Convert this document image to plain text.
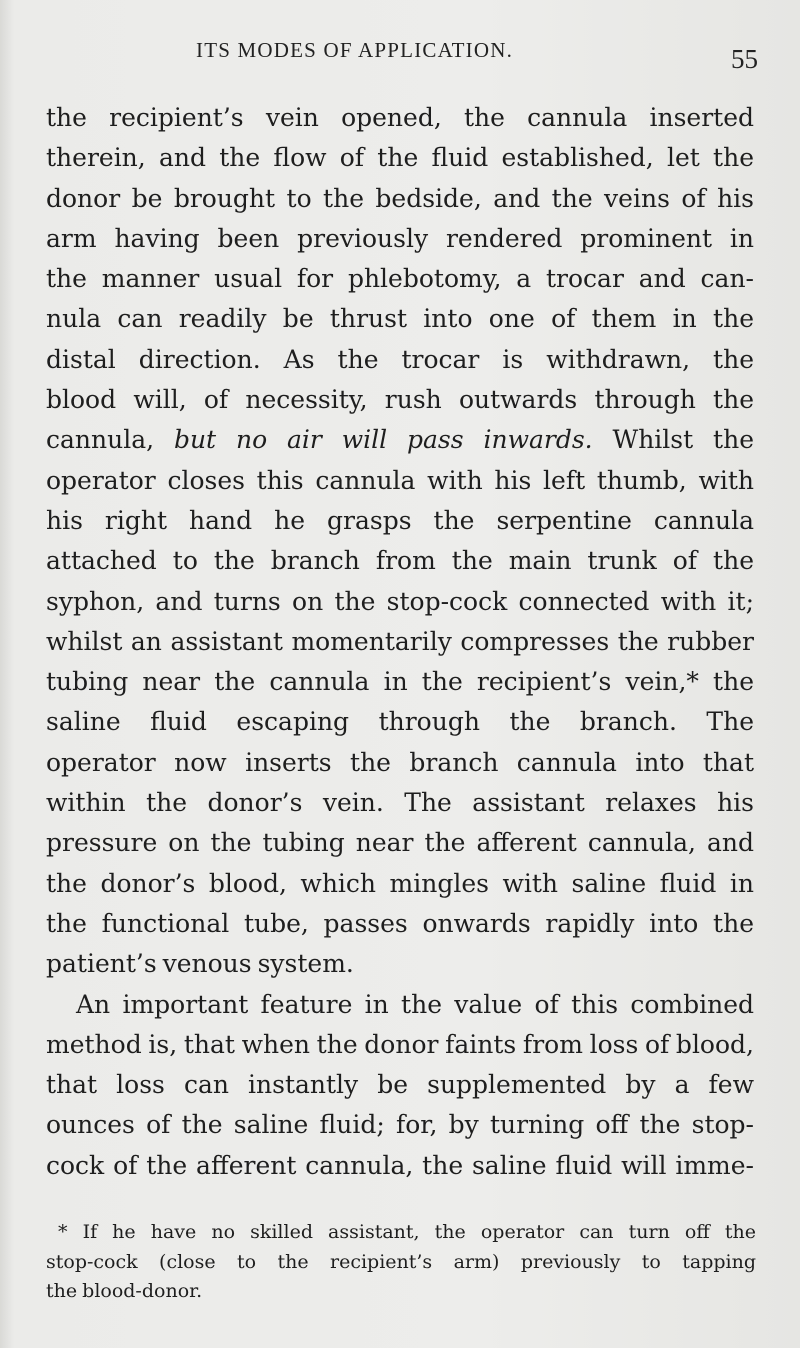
ITS MODES OF APPLICATION.	55
the recipient’s vein opened, the cannula inserted
therein, and the flow of the fluid established, let the
donor be brought to the bedside, and the veins of his
arm having been previously rendered prominent in
the manner usual for phlebotomy, a trocar and can-
nula can readily be thrust into one of them in the
distal direction. As the trocar is withdrawn, the
blood will, of necessity, rush outwards through the
cannula, but no air will pass inwards. Whilst the
operator closes this cannula with his left thumb, with
his right hand he grasps the serpentine cannula
attached to the branch from the main trunk of the
syphon, and turns on the stop-cock connected with it;
whilst an assistant momentarily compresses the rubber
tubing near the cannula in the recipient’s vein,* the
saline fluid escaping through the branch. The
operator now inserts the branch cannula into that
within the donor’s vein. The assistant relaxes his
pressure on the tubing near the afferent cannula, and
the donor’s blood, which mingles with saline fluid in
the functional tube, passes onwards rapidly into the
patient’s venous system.
An important feature in the value of this combined
method is, that when the donor faints from loss of blood,
that loss can instantly be supplemented by a few
ounces of the saline fluid; for, by turning off the stop-
cock of the afferent cannula, the saline fluid will imme-
* If he have no skilled assistant, the operator can turn off the
stop-cock (close to the recipient’s arm) previously to tapping
the blood-donor.
